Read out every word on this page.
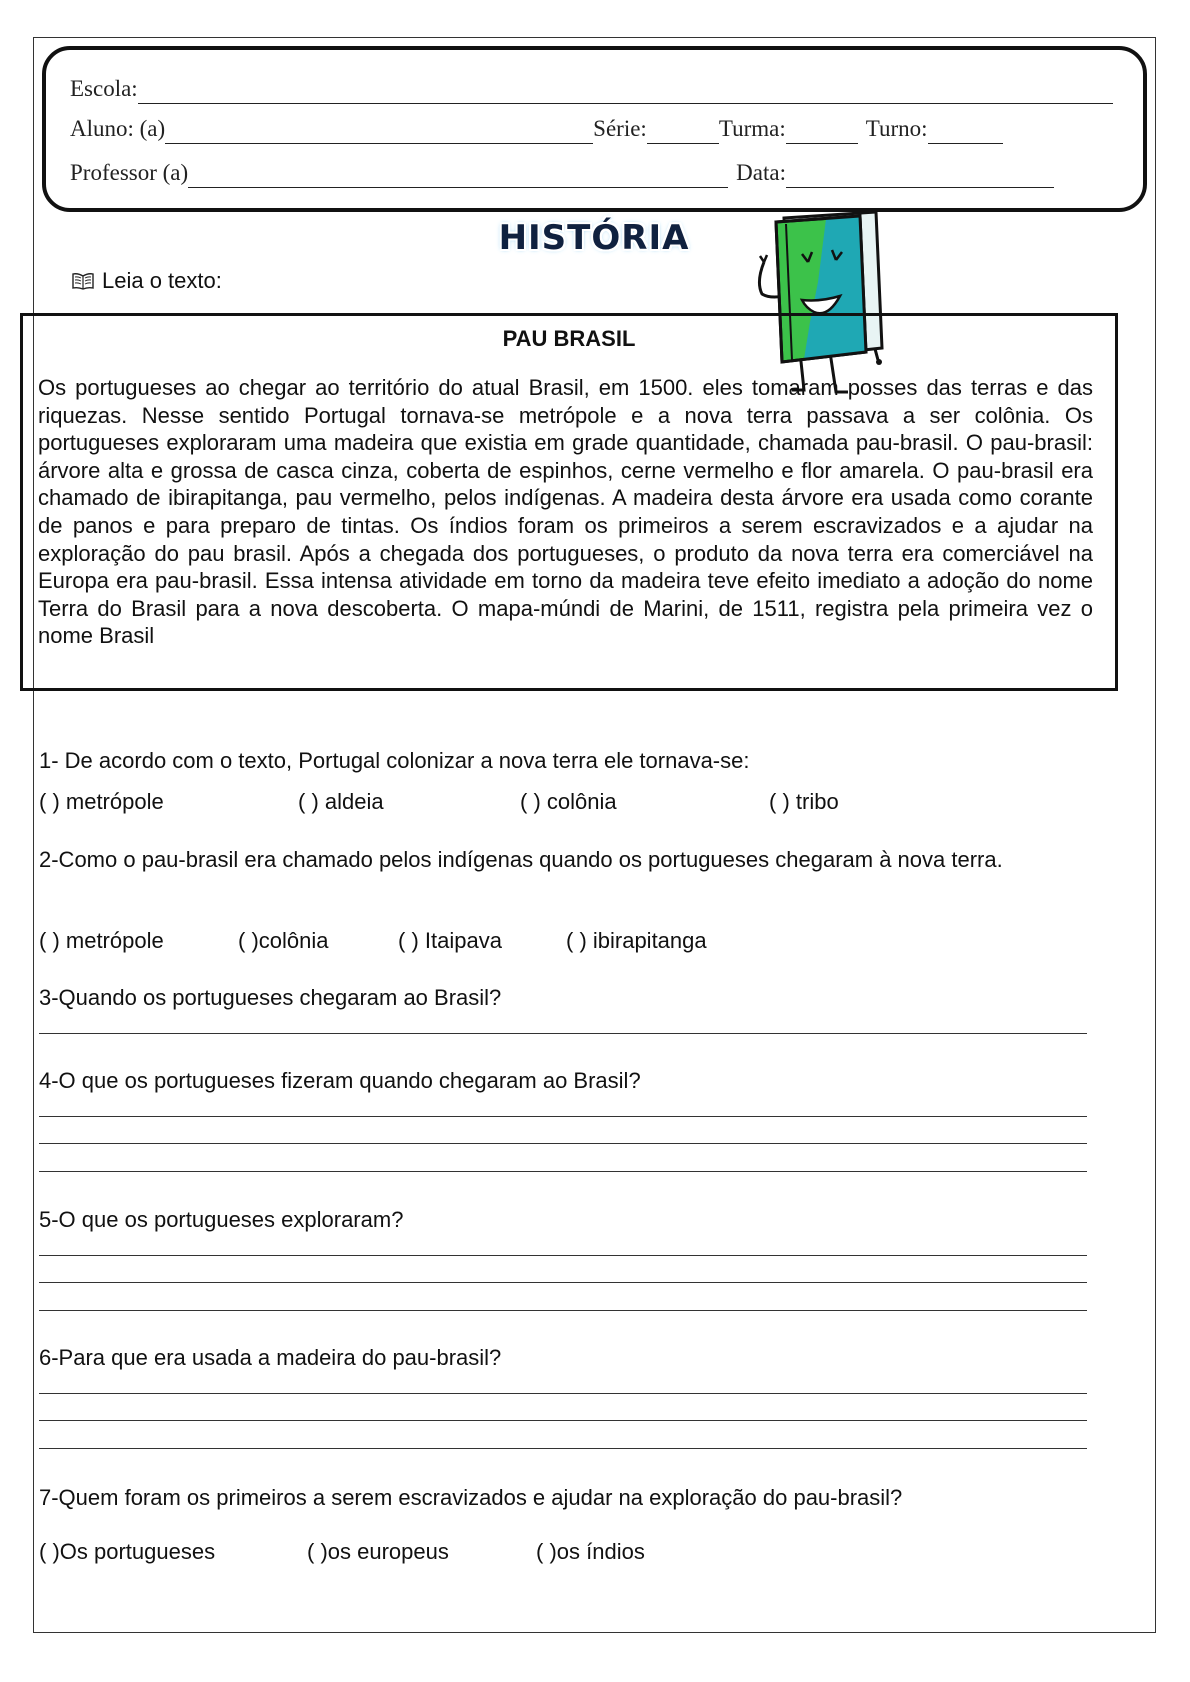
Escola:
Aluno: (a)	Série:	Turma:	Turno:
Professor (a)	Data:
HISTÓRIA
Leia o texto:
PAU BRASIL
Os portugueses ao chegar ao território do atual Brasil, em 1500. eles tomaram posses das terras e das riquezas. Nesse sentido Portugal tornava-se metrópole e a nova terra passava a ser colônia. Os portugueses exploraram uma madeira que existia em grade quantidade, chamada pau-brasil. O pau-brasil: árvore alta e grossa de casca cinza, coberta de espinhos, cerne vermelho e flor amarela. O pau-brasil era chamado de ibirapitanga, pau vermelho, pelos indígenas. A madeira desta árvore era usada como corante de panos e para preparo de tintas. Os índios foram os primeiros a serem escravizados e a ajudar na exploração do pau brasil. Após a chegada dos portugueses, o produto da nova terra era comerciável na Europa era pau-brasil. Essa intensa atividade em torno da madeira teve efeito imediato a adoção do nome Terra do Brasil para a nova descoberta. O mapa-múndi de Marini, de 1511, registra pela primeira vez o nome Brasil
1- De acordo com o texto, Portugal colonizar a nova terra ele tornava-se:
( ) metrópole	( ) aldeia	( ) colônia	( ) tribo
2-Como o pau-brasil era chamado pelos indígenas quando os portugueses chegaram à nova terra.
( ) metrópole	( )colônia	( ) Itaipava	( ) ibirapitanga
3-Quando os portugueses chegaram ao Brasil?
4-O que os portugueses fizeram quando chegaram ao Brasil?
5-O que os portugueses exploraram?
6-Para que era usada a madeira do pau-brasil?
7-Quem foram os primeiros a serem escravizados e ajudar na exploração do pau-brasil?
( )Os portugueses	( )os europeus	( )os índios
